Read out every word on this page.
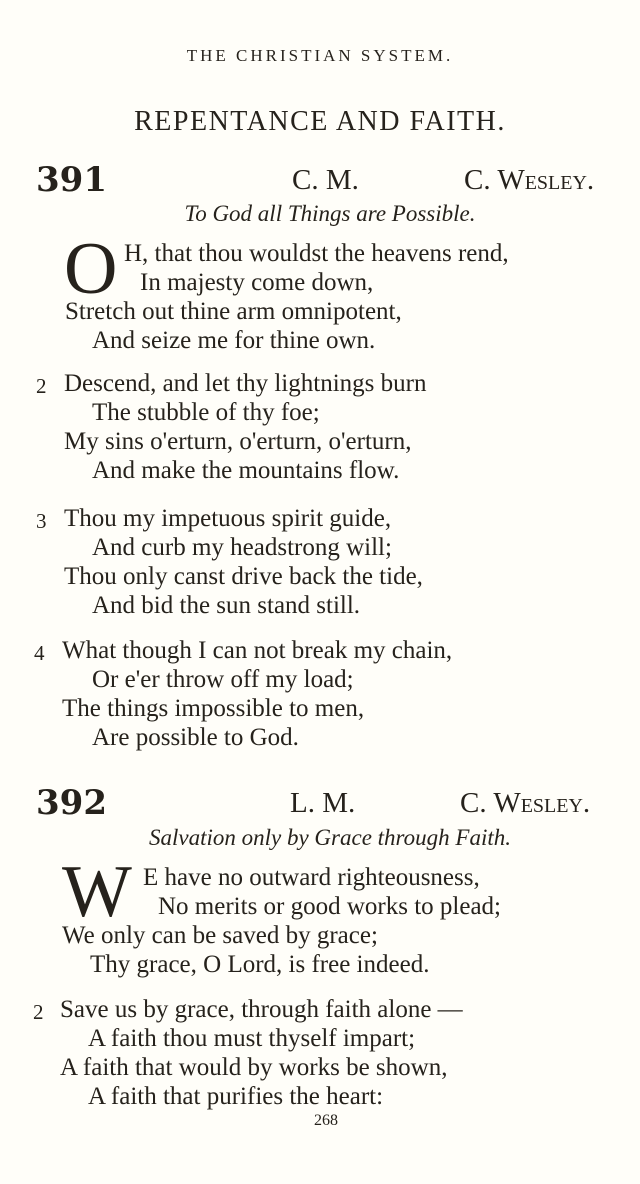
THE CHRISTIAN SYSTEM.
REPENTANCE AND FAITH.
391	C. M.	C. Wesley.
To God all Things are Possible.
O H, that thou wouldst the heavens rend,
In majesty come down,
Stretch out thine arm omnipotent,
And seize me for thine own.
2 Descend, and let thy lightnings burn
The stubble of thy foe;
My sins o'erturn, o'erturn, o'erturn,
And make the mountains flow.
3 Thou my impetuous spirit guide,
And curb my headstrong will;
Thou only canst drive back the tide,
And bid the sun stand still.
4 What though I can not break my chain,
Or e'er throw off my load;
The things impossible to men,
Are possible to God.
392	L. M.	C. Wesley.
Salvation only by Grace through Faith.
W E have no outward righteousness,
No merits or good works to plead;
We only can be saved by grace;
Thy grace, O Lord, is free indeed.
2 Save us by grace, through faith alone —
A faith thou must thyself impart;
A faith that would by works be shown,
A faith that purifies the heart:
268
